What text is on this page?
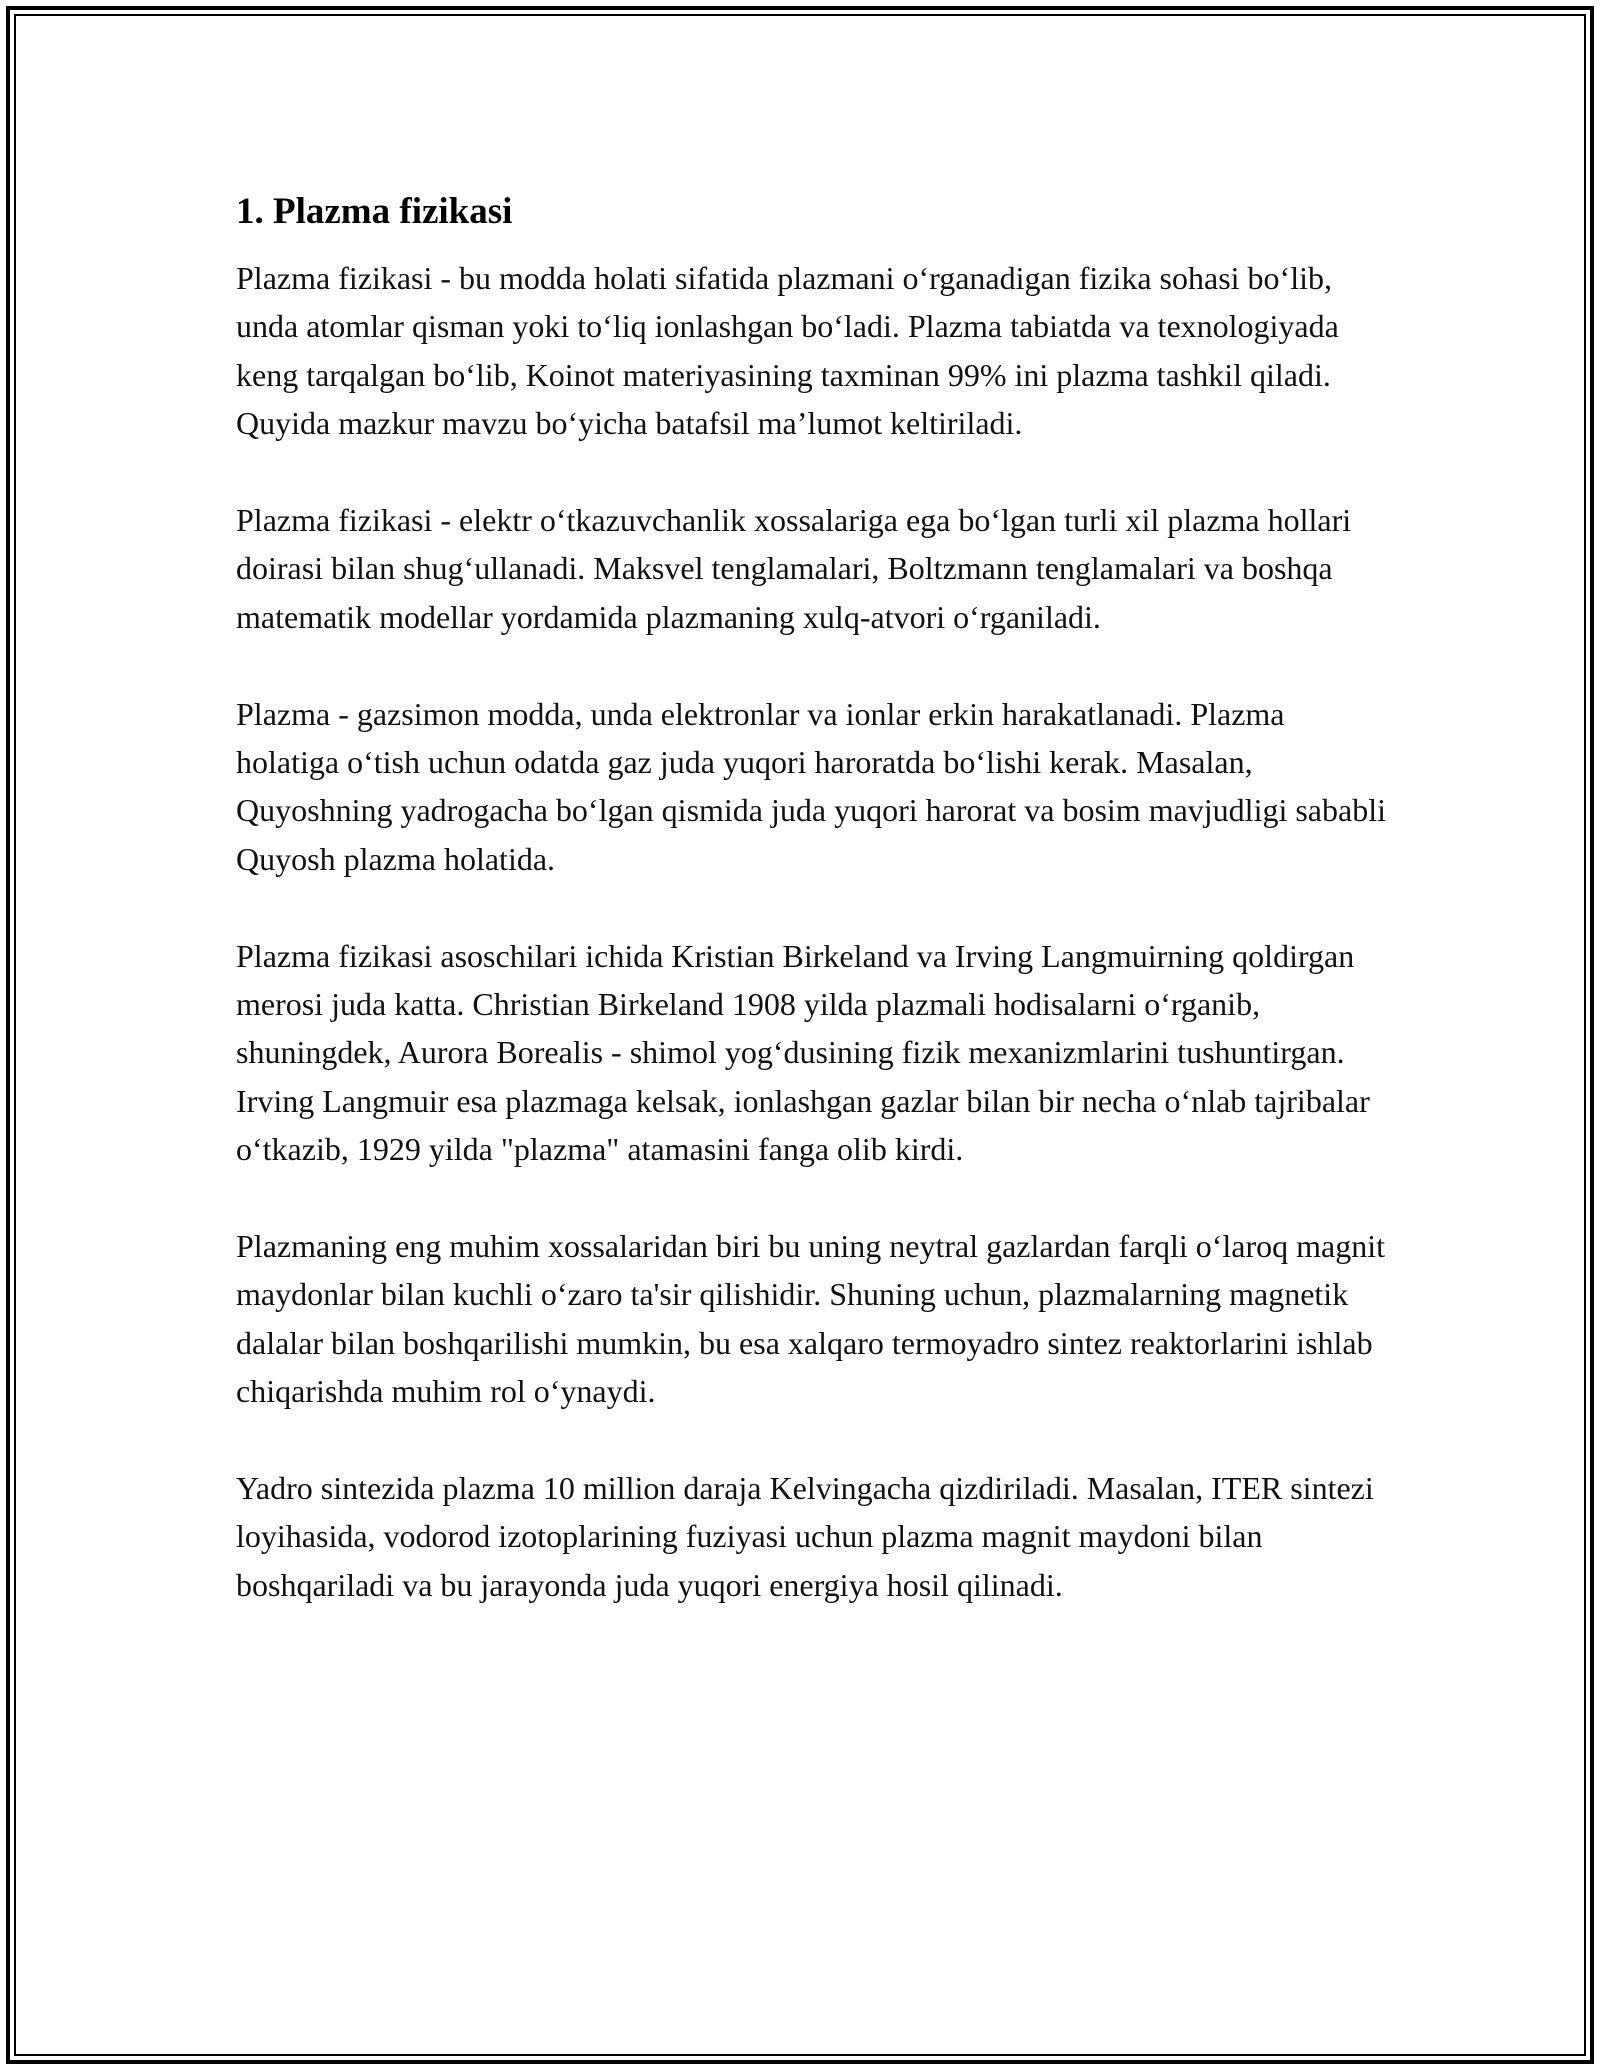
1. Plazma fizikasi

Plazma fizikasi - bu modda holati sifatida plazmani o‘rganadigan fizika sohasi bo‘lib, unda atomlar qisman yoki to‘liq ionlashgan bo‘ladi. Plazma tabiatda va texnologiyada keng tarqalgan bo‘lib, Koinot materiyasining taxminan 99% ini plazma tashkil qiladi. Quyida mazkur mavzu bo‘yicha batafsil ma’lumot keltiriladi.

Plazma fizikasi - elektr o‘tkazuvchanlik xossalariga ega bo‘lgan turli xil plazma hollari doirasi bilan shug‘ullanadi. Maksvel tenglamalari, Boltzmann tenglamalari va boshqa matematik modellar yordamida plazmaning xulq-atvori o‘rganiladi.

Plazma - gazsimon modda, unda elektronlar va ionlar erkin harakatlanadi. Plazma holatiga o‘tish uchun odatda gaz juda yuqori haroratda bo‘lishi kerak. Masalan, Quyoshning yadrogacha bo‘lgan qismida juda yuqori harorat va bosim mavjudligi sababli Quyosh plazma holatida.

Plazma fizikasi asoschilari ichida Kristian Birkeland va Irving Langmuirning qoldirgan merosi juda katta. Christian Birkeland 1908 yilda plazmali hodisalarni o‘rganib, shuningdek, Aurora Borealis - shimol yog‘dusining fizik mexanizmlarini tushuntirgan. Irving Langmuir esa plazmaga kelsak, ionlashgan gazlar bilan bir necha o‘nlab tajribalar o‘tkazib, 1929 yilda "plazma" atamasini fanga olib kirdi.

Plazmaning eng muhim xossalaridan biri bu uning neytral gazlardan farqli o‘laroq magnit maydonlar bilan kuchli o‘zaro ta'sir qilishidir. Shuning uchun, plazmalarning magnetik dalalar bilan boshqarilishi mumkin, bu esa xalqaro termoyadro sintez reaktorlarini ishlab chiqarishda muhim rol o‘ynaydi.

Yadro sintezida plazma 10 million daraja Kelvingacha qizdiriladi. Masalan, ITER sintezi loyihasida, vodorod izotoplarining fuziyasi uchun plazma magnit maydoni bilan boshqariladi va bu jarayonda juda yuqori energiya hosil qilinadi.
